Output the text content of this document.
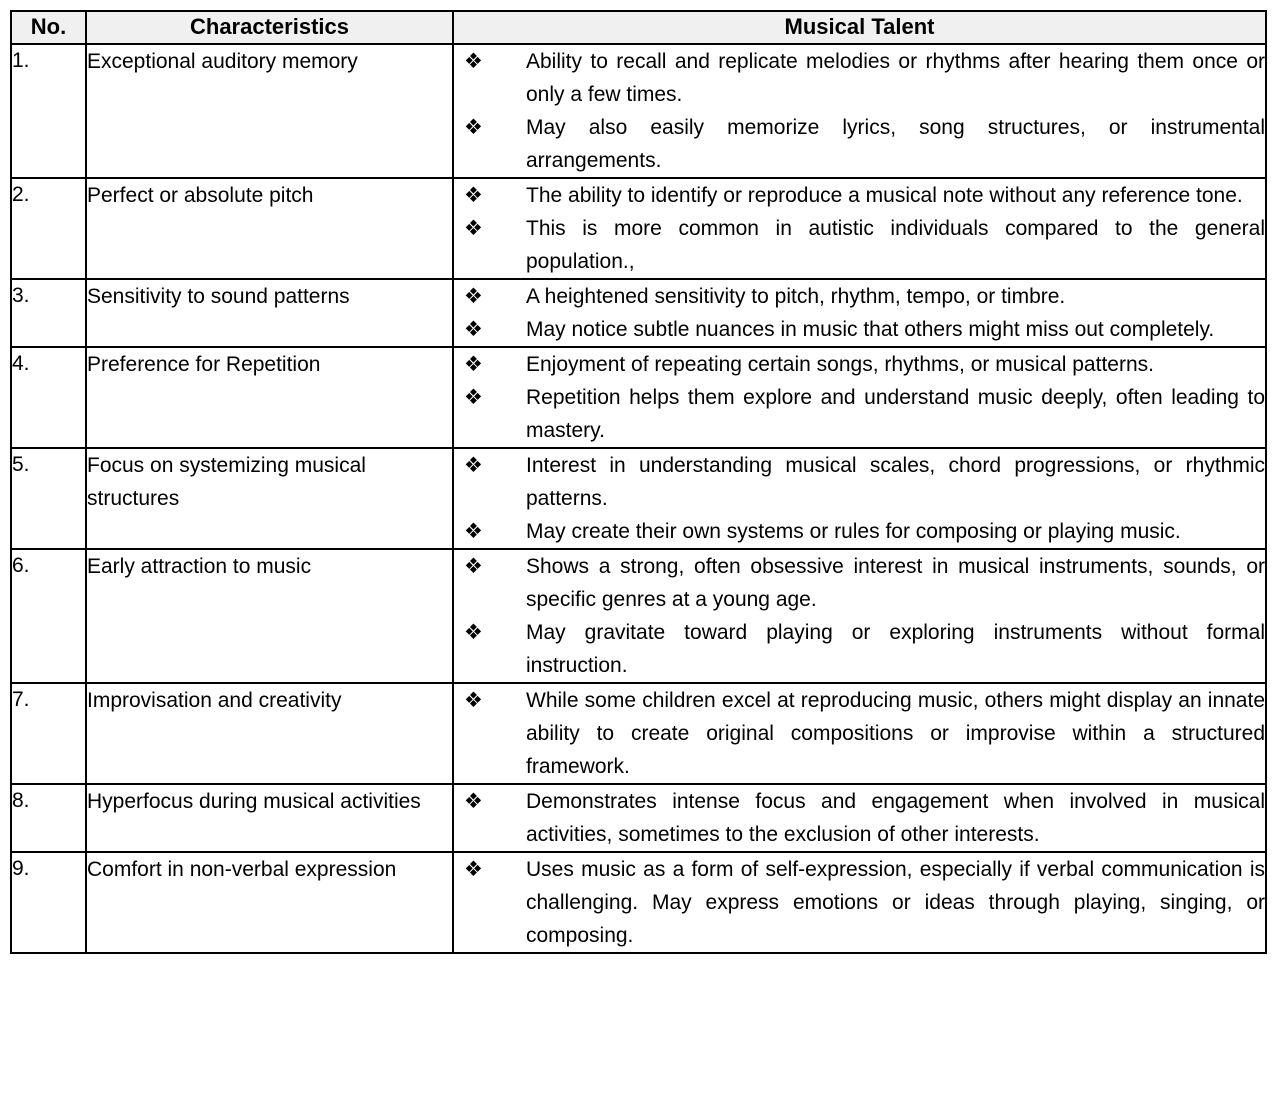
No.	Characteristics	Musical Talent
1.	Exceptional auditory memory	❖ Ability to recall and replicate melodies or rhythms after hearing them once or only a few times.
❖ May also easily memorize lyrics, song structures, or instrumental arrangements.

2.	Perfect or absolute pitch	❖ The ability to identify or reproduce a musical note without any reference tone.
❖ This is more common in autistic individuals compared to the general population.,

3.	Sensitivity to sound patterns	❖ A heightened sensitivity to pitch, rhythm, tempo, or timbre.
❖ May notice subtle nuances in music that others might miss out completely.

4.	Preference for Repetition	❖ Enjoyment of repeating certain songs, rhythms, or musical patterns.
❖ Repetition helps them explore and understand music deeply, often leading to mastery.

5.	Focus on systemizing musical structures	
❖ Interest in understanding musical scales, chord progressions, or rhythmic patterns.
❖ May create their own systems or rules for composing or playing music.

6.	Early attraction to music	❖ Shows a strong, often obsessive interest in musical instruments, sounds, or specific genres at a young age.
❖ May gravitate toward playing or exploring instruments without formal instruction.

7.	Improvisation and creativity	❖ While some children excel at reproducing music, others might display an innate ability to create original compositions or improvise within a structured framework.

8.	Hyperfocus during musical activities	❖ Demonstrates intense focus and engagement when involved in musical activities, sometimes to the exclusion of other interests.

9.	Comfort in non-verbal expression	❖ Uses music as a form of self-expression, especially if verbal communication is challenging. May express emotions or ideas through playing, singing, or composing.
